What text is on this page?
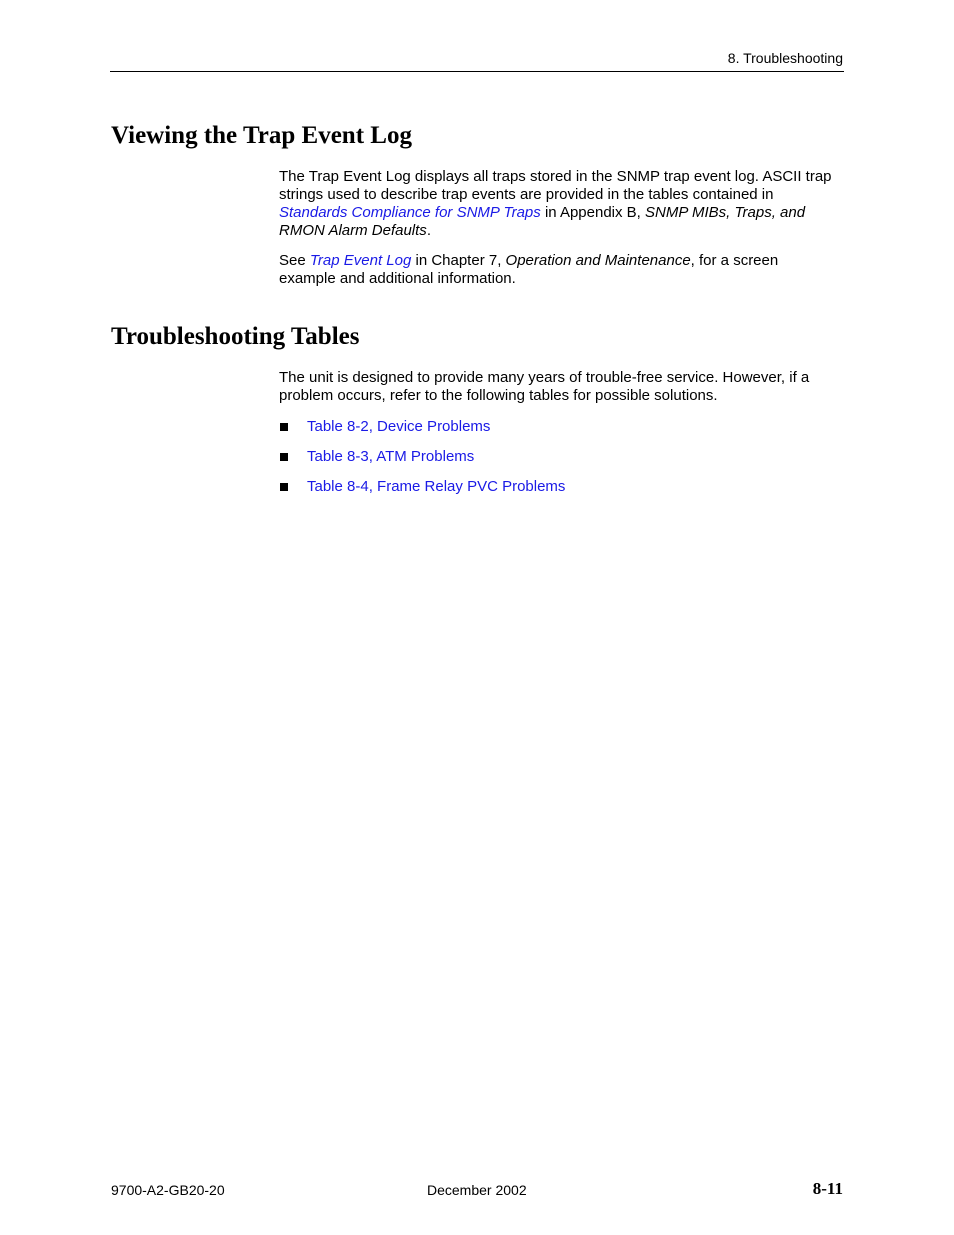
8. Troubleshooting
Viewing the Trap Event Log

The Trap Event Log displays all traps stored in the SNMP trap event log. ASCII trap strings used to describe trap events are provided in the tables contained in Standards Compliance for SNMP Traps in Appendix B, SNMP MIBs, Traps, and RMON Alarm Defaults.

See Trap Event Log in Chapter 7, Operation and Maintenance, for a screen example and additional information.

Troubleshooting Tables

The unit is designed to provide many years of trouble-free service. However, if a problem occurs, refer to the following tables for possible solutions.

Table 8-2, Device Problems
Table 8-3, ATM Problems
Table 8-4, Frame Relay PVC Problems
9700-A2-GB20-20	December 2002	8-11
